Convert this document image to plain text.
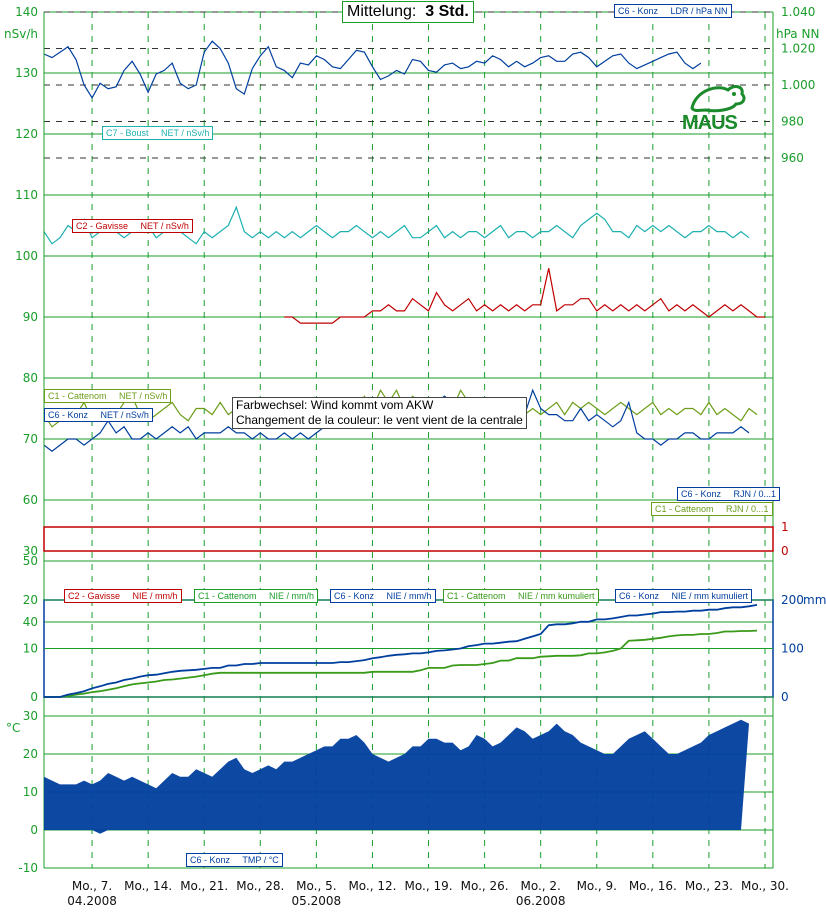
140
130
120
110
100
90
80
70
60
1.040
1.020
1.000
980
960
nSv/h	hPa NN
50
40
30
1
0
20
10
0
200
100
0
mm
30
20
10
0
-10
°C
Mo., 7. Mo., 14. Mo., 21. Mo., 28. Mo., 5. Mo., 12. Mo., 19. Mo., 26. Mo., 2. Mo., 9. Mo., 16. Mo., 23. Mo., 30.
04.2008	05.2008	06.2008
Mittelung: 3 Std.
Farbwechsel: Wind kommt vom AKW
Changement de la couleur: le vent vient de la centrale
C6 - Konz     LDR / hPa NN
C7 - Boust     NET / nSv/h
C2 - Gavisse     NET / nSv/h
C1 - Cattenom     NET / nSv/h
C6 - Konz     NET / nSv/h
C6 - Konz     RJN / 0...1
C1 - Cattenom     RJN / 0...1
C2 - Gavisse     NIE / mm/h	C1 - Cattenom     NIE / mm/h	C6 - Konz     NIE / mm/h	C1 - Cattenom     NIE / mm kumuliert	C6 - Konz     NIE / mm kumuliert
C6 - Konz     TMP / °C
MAUS
